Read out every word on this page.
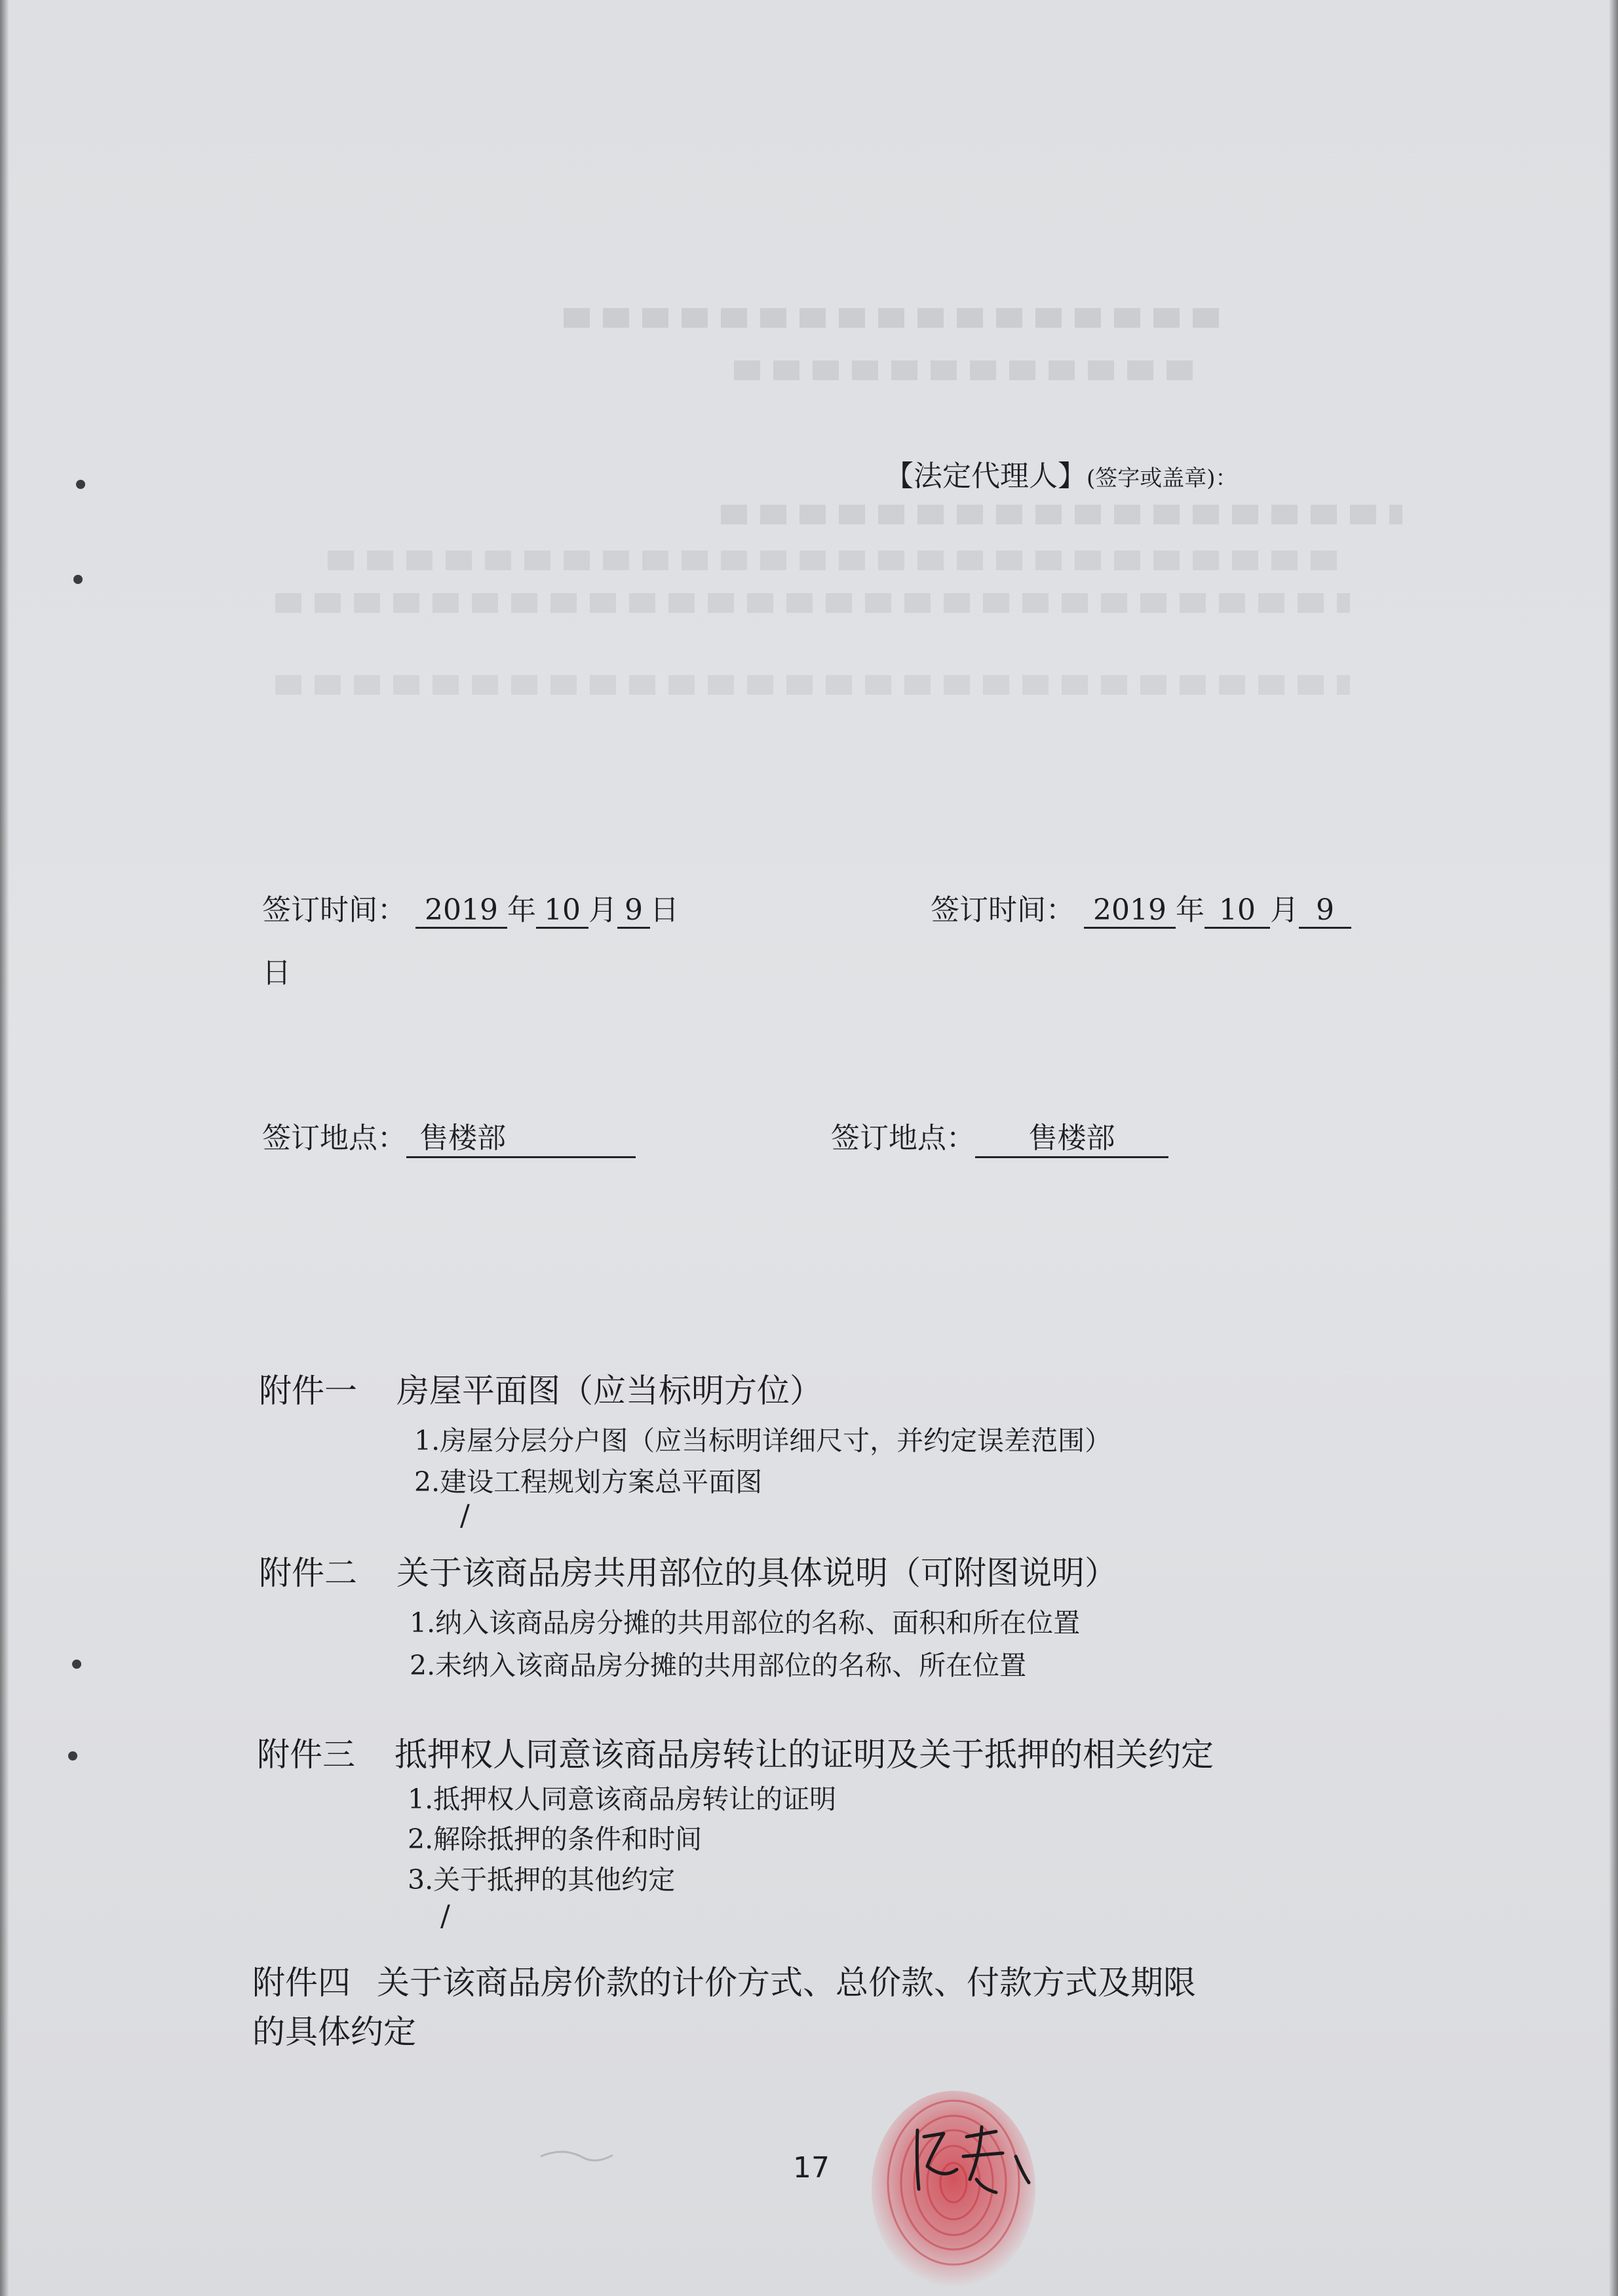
【法定代理人】(签字或盖章)：
签订时间： 2019 年 10 月 9 日	签订时间： 2019 年 10 月 9
日
签订地点： 售楼部	签订地点： 售楼部
附件一 房屋平面图（应当标明方位）
1.房屋分层分户图（应当标明详细尺寸，并约定误差范围）
2.建设工程规划方案总平面图
/
附件二 关于该商品房共用部位的具体说明（可附图说明）
1.纳入该商品房分摊的共用部位的名称、面积和所在位置
2.未纳入该商品房分摊的共用部位的名称、所在位置
附件三 抵押权人同意该商品房转让的证明及关于抵押的相关约定
1.抵押权人同意该商品房转让的证明
2.解除抵押的条件和时间
3.关于抵押的其他约定
/
附件四 关于该商品房价款的计价方式、总价款、付款方式及期限
的具体约定
17
